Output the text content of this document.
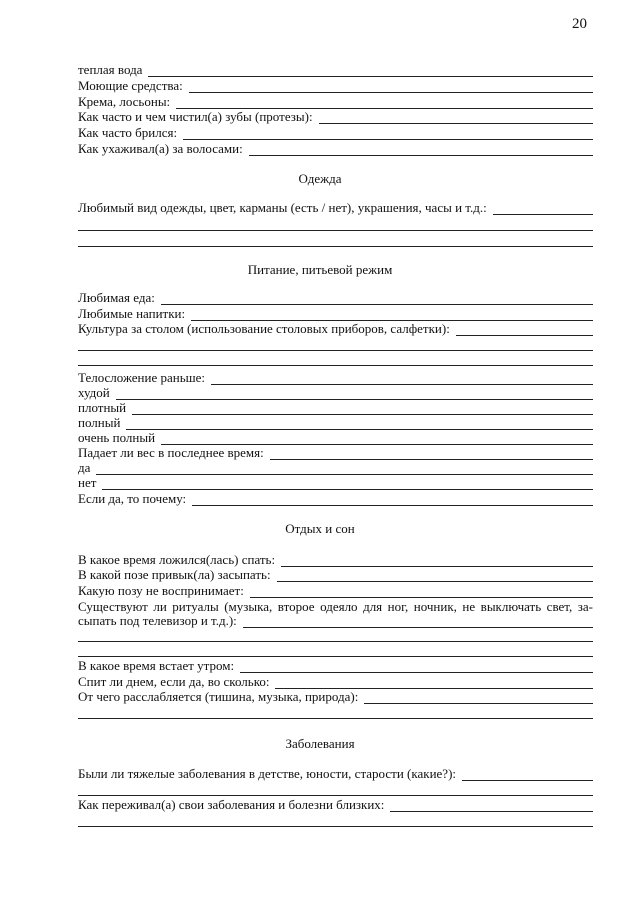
20
теплая вода
Моющие средства:
Крема, лосьоны:
Как часто и чем чистил(а) зубы (протезы):
Как часто брился:
Как ухаживал(а) за волосами:
Одежда
Любимый вид одежды, цвет, карманы (есть / нет), украшения, часы и т.д.:
Питание, питьевой режим
Любимая еда:
Любимые напитки:
Культура за столом (использование столовых приборов, салфетки):
Телосложение раньше:
худой
плотный
полный
очень полный
Падает ли вес в последнее время:
да
нет
Если да, то почему:
Отдых и сон
В какое время ложился(лась) спать:
В какой позе привык(ла) засыпать:
Какую позу не воспринимает:
Существуют ли ритуалы (музыка, второе одеяло для ног, ночник, не выключать свет, за-
сыпать под телевизор и т.д.):
В какое время встает утром:
Спит ли днем, если да, во сколько:
От чего расслабляется (тишина, музыка, природа):
Заболевания
Были ли тяжелые заболевания в детстве, юности, старости (какие?):
Как переживал(а) свои заболевания и болезни близких:
